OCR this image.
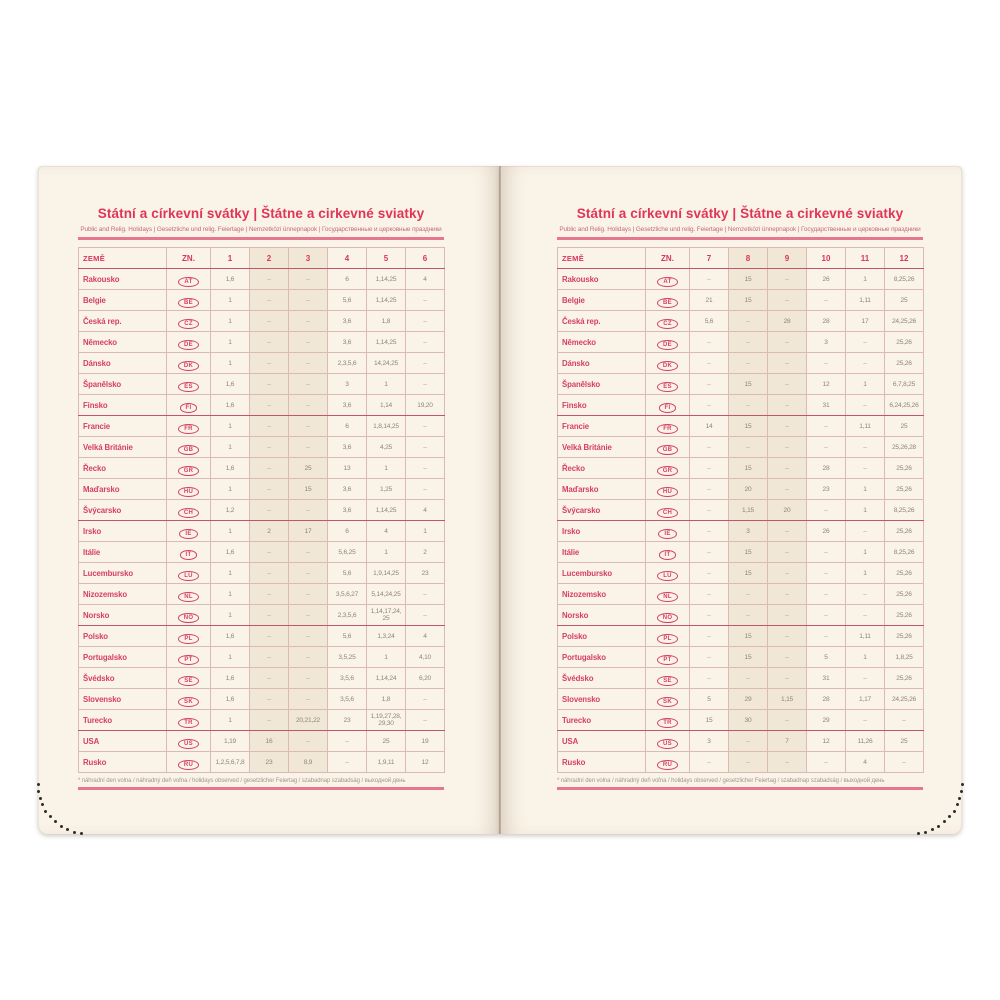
Státní a církevní svátky | Štátne a cirkevné sviatky
Public and Relig. Holidays | Gesetzliche und relig. Feiertage | Nemzetközi ünnepnapok | Государственные и церковные праздники
ZEMĚ	ZN.	1	2	3	4	5	6
Rakousko	AT	1,6	–	–	6	1,14,25	4
Belgie	BE	1	–	–	5,6	1,14,25	–
Česká rep.	CZ	1	–	–	3,6	1,8	–
Německo	DE	1	–	–	3,6	1,14,25	–
Dánsko	DK	1	–	–	2,3,5,6	14,24,25	–
Španělsko	ES	1,6	–	–	3	1	–
Finsko	FI	1,6	–	–	3,6	1,14	19,20
Francie	FR	1	–	–	6	1,8,14,25	–
Velká Británie	GB	1	–	–	3,6	4,25	–
Řecko	GR	1,6	–	25	13	1	–
Maďarsko	HU	1	–	15	3,6	1,25	–
Švýcarsko	CH	1,2	–	–	3,6	1,14,25	4
Irsko	IE	1	2	17	6	4	1
Itálie	IT	1,6	–	–	5,6,25	1	2
Lucembursko	LU	1	–	–	5,6	1,9,14,25	23
Nizozemsko	NL	1	–	–	3,5,6,27	5,14,24,25	–
Norsko	NO	1	–	–	2,3,5,6	1,14,17,24,25	–
Polsko	PL	1,6	–	–	5,6	1,3,24	4
Portugalsko	PT	1	–	–	3,5,25	1	4,10
Švédsko	SE	1,6	–	–	3,5,6	1,14,24	6,20
Slovensko	SK	1,6	–	–	3,5,6	1,8	–
Turecko	TR	1	–	20,21,22	23	1,19,27,28,29,30	–
USA	US	1,19	16	–	–	25	19
Rusko	RU	1,2,5,6,7,8	23	8,9	–	1,9,11	12
* náhradní den volna / náhradný deň voľna / holidays observed / gesetzlicher Feiertag / szabadnap szabadság / выходной день
Státní a církevní svátky | Štátne a cirkevné sviatky
Public and Relig. Holidays | Gesetzliche und relig. Feiertage | Nemzetközi ünnepnapok | Государственные и церковные праздники
ZEMĚ	ZN.	7	8	9	10	11	12
Rakousko	AT	–	15	–	26	1	8,25,26
Belgie	BE	21	15	–	–	1,11	25
Česká rep.	CZ	5,6	–	28	28	17	24,25,26
Německo	DE	–	–	–	3	–	25,26
Dánsko	DK	–	–	–	–	–	25,26
Španělsko	ES	–	15	–	12	1	6,7,8,25
Finsko	FI	–	–	–	31	–	6,24,25,26
Francie	FR	14	15	–	–	1,11	25
Velká Británie	GB	–	–	–	–	–	25,26,28
Řecko	GR	–	15	–	28	–	25,26
Maďarsko	HU	–	20	–	23	1	25,26
Švýcarsko	CH	–	1,15	20	–	1	8,25,26
Irsko	IE	–	3	–	26	–	25,26
Itálie	IT	–	15	–	–	1	8,25,26
Lucembursko	LU	–	15	–	–	1	25,26
Nizozemsko	NL	–	–	–	–	–	25,26
Norsko	NO	–	–	–	–	–	25,26
Polsko	PL	–	15	–	–	1,11	25,26
Portugalsko	PT	–	15	–	5	1	1,8,25
Švédsko	SE	–	–	–	31	–	25,26
Slovensko	SK	5	29	1,15	28	1,17	24,25,26
Turecko	TR	15	30	–	29	–	–
USA	US	3	–	7	12	11,26	25
Rusko	RU	–	–	–	–	4	–
* náhradní den volna / náhradný deň voľna / holidays observed / gesetzlicher Feiertag / szabadnap szabadság / выходной день
